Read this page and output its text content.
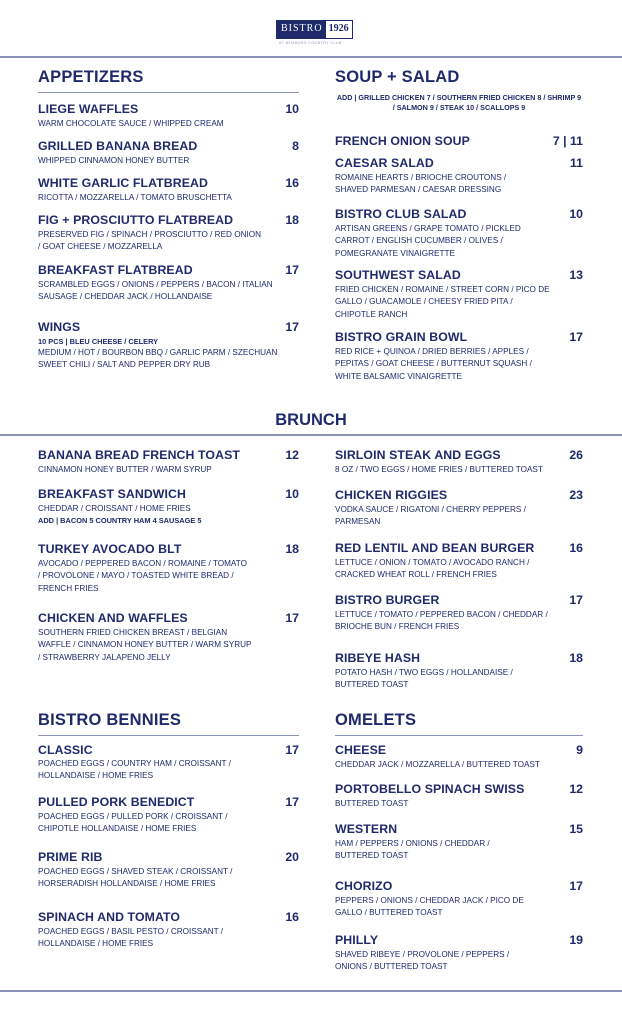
BISTRO 1926
AT BEMBURG COUNTRY CLUB
APPETIZERS
LIEGE WAFFLES	10
WARM CHOCOLATE SAUCE / WHIPPED CREAM
GRILLED BANANA BREAD	8
WHIPPED CINNAMON HONEY BUTTER
WHITE GARLIC FLATBREAD	16
RICOTTA / MOZZARELLA / TOMATO BRUSCHETTA
FIG + PROSCIUTTO FLATBREAD	18
PRESERVED FIG / SPINACH / PROSCIUTTO / RED ONION / GOAT CHEESE / MOZZARELLA
BREAKFAST FLATBREAD	17
SCRAMBLED EGGS / ONIONS / PEPPERS / BACON / ITALIAN SAUSAGE / CHEDDAR JACK / HOLLANDAISE
WINGS	17
10 PCS | BLEU CHEESE / CELERY
MEDIUM / HOT / BOURBON BBQ / GARLIC PARM / SZECHUAN SWEET CHILI / SALT AND PEPPER DRY RUB
SOUP + SALAD
ADD | GRILLED CHICKEN 7 / SOUTHERN FRIED CHICKEN 8 / SHRIMP 9 / SALMON 9 / STEAK 10 / SCALLOPS 9
FRENCH ONION SOUP	7 | 11
CAESAR SALAD	11
ROMAINE HEARTS / BRIOCHE CROUTONS / SHAVED PARMESAN / CAESAR DRESSING
BISTRO CLUB SALAD	10
ARTISAN GREENS / GRAPE TOMATO / PICKLED CARROT / ENGLISH CUCUMBER / OLIVES / POMEGRANATE VINAIGRETTE
SOUTHWEST SALAD	13
FRIED CHICKEN / ROMAINE / STREET CORN / PICO DE GALLO / GUACAMOLE / CHEESY FRIED PITA / CHIPOTLE RANCH
BISTRO GRAIN BOWL	17
RED RICE + QUINOA / DRIED BERRIES / APPLES / PEPITAS / GOAT CHEESE / BUTTERNUT SQUASH / WHITE BALSAMIC VINAIGRETTE
BRUNCH
BANANA BREAD FRENCH TOAST	12
CINNAMON HONEY BUTTER / WARM SYRUP
BREAKFAST SANDWICH	10
CHEDDAR / CROISSANT / HOME FRIES
ADD | BACON 5 COUNTRY HAM 4 SAUSAGE 5
TURKEY AVOCADO BLT	18
AVOCADO / PEPPERED BACON / ROMAINE / TOMATO / PROVOLONE / MAYO / TOASTED WHITE BREAD / FRENCH FRIES
CHICKEN AND WAFFLES	17
SOUTHERN FRIED CHICKEN BREAST / BELGIAN WAFFLE / CINNAMON HONEY BUTTER / WARM SYRUP / STRAWBERRY JALAPENO JELLY
SIRLOIN STEAK AND EGGS	26
8 OZ / TWO EGGS / HOME FRIES / BUTTERED TOAST
CHICKEN RIGGIES	23
VODKA SAUCE / RIGATONI / CHERRY PEPPERS / PARMESAN
RED LENTIL AND BEAN BURGER	16
LETTUCE / ONION / TOMATO / AVOCADO RANCH / CRACKED WHEAT ROLL / FRENCH FRIES
BISTRO BURGER	17
LETTUCE / TOMATO / PEPPERED BACON / CHEDDAR / BRIOCHE BUN / FRENCH FRIES
RIBEYE HASH	18
POTATO HASH / TWO EGGS / HOLLANDAISE / BUTTERED TOAST
BISTRO BENNIES
CLASSIC	17
POACHED EGGS / COUNTRY HAM / CROISSANT / HOLLANDAISE / HOME FRIES
PULLED PORK BENEDICT	17
POACHED EGGS / PULLED PORK / CROISSANT / CHIPOTLE HOLLANDAISE / HOME FRIES
PRIME RIB	20
POACHED EGGS / SHAVED STEAK / CROISSANT / HORSERADISH HOLLANDAISE / HOME FRIES
SPINACH AND TOMATO	16
POACHED EGGS / BASIL PESTO / CROISSANT / HOLLANDAISE / HOME FRIES
OMELETS
CHEESE	9
CHEDDAR JACK / MOZZARELLA / BUTTERED TOAST
PORTOBELLO SPINACH SWISS	12
BUTTERED TOAST
WESTERN	15
HAM / PEPPERS / ONIONS / CHEDDAR / BUTTERED TOAST
CHORIZO	17
PEPPERS / ONIONS / CHEDDAR JACK / PICO DE GALLO / BUTTERED TOAST
PHILLY	19
SHAVED RIBEYE / PROVOLONE / PEPPERS / ONIONS / BUTTERED TOAST
